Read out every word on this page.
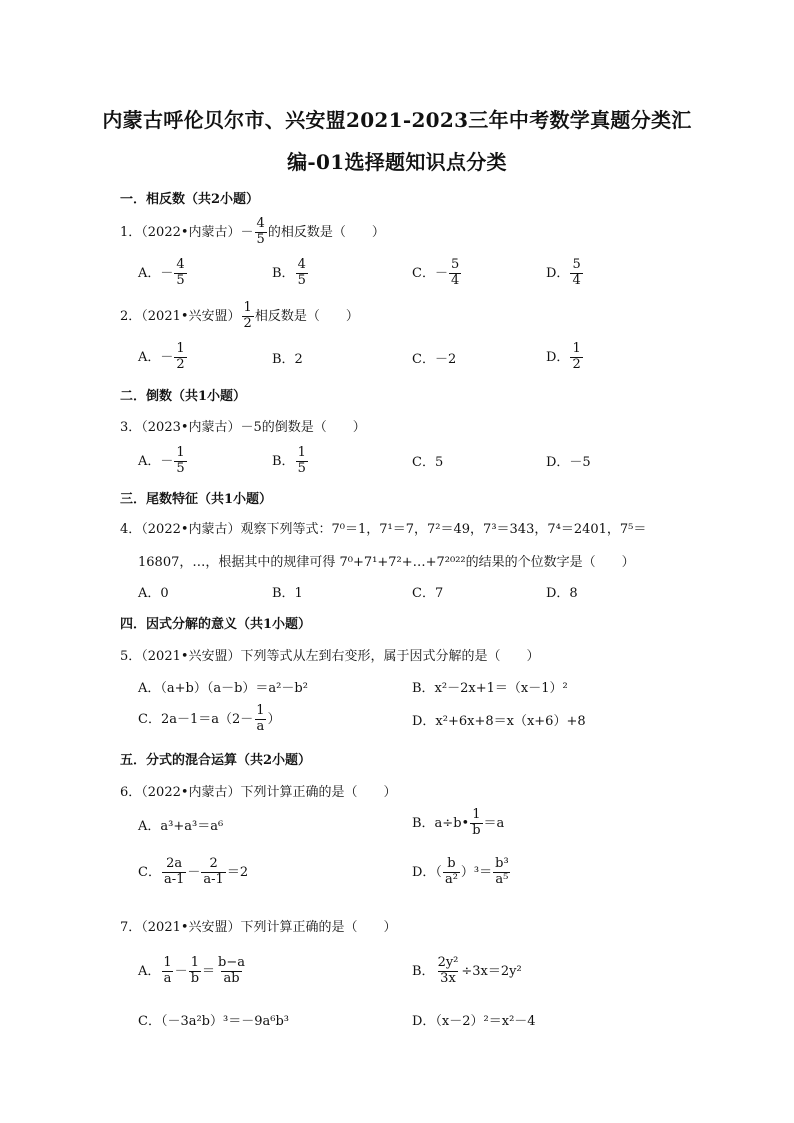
内蒙古呼伦贝尔市、兴安盟2021-2023三年中考数学真题分类汇
编-01选择题知识点分类
一．相反数（共2小题）
1．（2022•内蒙古）－ $\frac{4}{5}$ 的相反数是（　　）
A．－ $\frac{4}{5}$	B． $\frac{4}{5}$	C．－ $\frac{5}{4}$	D． $\frac{5}{4}$
2．（2021•兴安盟） $\frac{1}{2}$ 相反数是（　　）
A．－ $\frac{1}{2}$	B．2	C．－2	D． $\frac{1}{2}$
二．倒数（共1小题）
3．（2023•内蒙古）－5的倒数是（　　）
A．－ $\frac{1}{5}$	B． $\frac{1}{5}$	C．5	D．－5
三．尾数特征（共1小题）
4．（2022•内蒙古）观察下列等式：7⁰＝1，7¹＝7，7²＝49，7³＝343，7⁴＝2401，7⁵＝
16807，…，根据其中的规律可得 7⁰+7¹+7²+…+7²⁰²²的结果的个位数字是（　　）
A．0	B．1	C．7	D．8
四．因式分解的意义（共1小题）
5．（2021•兴安盟）下列等式从左到右变形，属于因式分解的是（　　）
A．（a+b）（a－b）＝a²－b²	B．x²－2x+1＝（x－1）²
C．$2a-1=a(2- \frac{1}{a}$ ）	D．x²+6x+8＝x（x+6）+8
五．分式的混合运算（共2小题）
6．（2022•内蒙古）下列计算正确的是（　　）
A．a³+a³＝a⁶	B．a÷b• $\frac{1}{b} =a$
C． $\frac{2a}{a-1} - \frac{2}{a-1} =2$	D．（ $\frac{b}{\text{a²}} )^3= \frac{\text{b³}}{\text{a⁵}}$
7．（2021•兴安盟）下列计算正确的是（　　）
A． $\frac{1}{a} - \frac{1}{b} = \frac{b-a}{ab}$	B． $\frac{\text{2y²}}{3x} \div 3x=2y^2$
C．（－3a²b）³＝－9a⁶b³	D．（x－2）²＝x²－4
